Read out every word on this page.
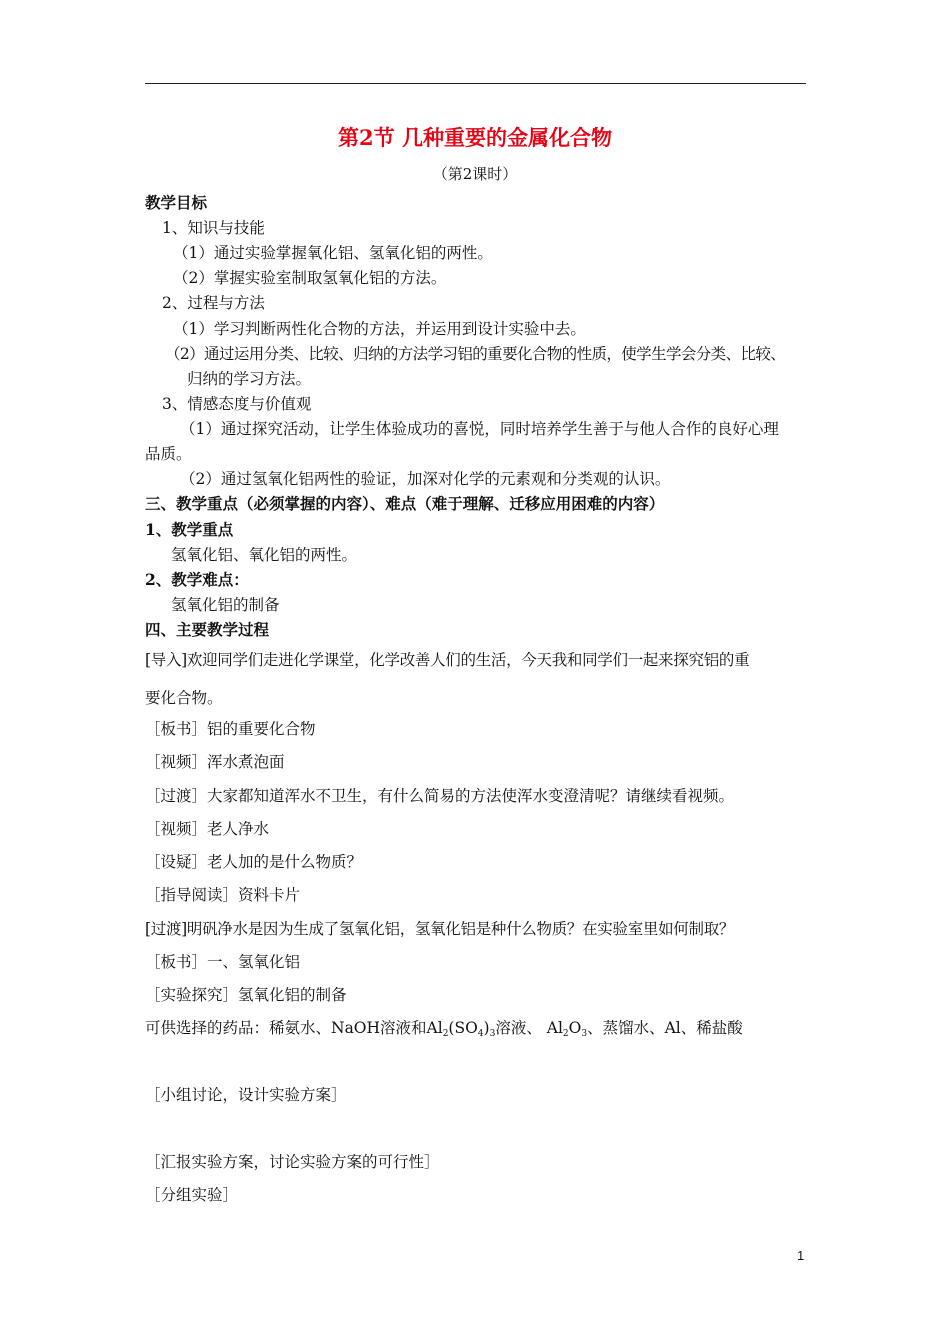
第2节 几种重要的金属化合物
（第2课时）
教学目标
1、知识与技能
（1）通过实验掌握氧化铝、氢氧化铝的两性。
（2）掌握实验室制取氢氧化铝的方法。
2、过程与方法
（1）学习判断两性化合物的方法，并运用到设计实验中去。
（2）通过运用分类、比较、归纳的方法学习铝的重要化合物的性质，使学生学会分类、比较、
归纳的学习方法。
3、情感态度与价值观
（1）通过探究活动，让学生体验成功的喜悦，同时培养学生善于与他人合作的良好心理
品质。
（2）通过氢氧化铝两性的验证，加深对化学的元素观和分类观的认识。
三、教学重点（必须掌握的内容）、难点（难于理解、迁移应用困难的内容）
1、教学重点
氢氧化铝、氧化铝的两性。
2、教学难点：
氢氧化铝的制备
四、主要教学过程
[导入]欢迎同学们走进化学课堂，化学改善人们的生活，今天我和同学们一起来探究铝的重
要化合物。
［板书］铝的重要化合物
［视频］浑水煮泡面
［过渡］大家都知道浑水不卫生，有什么简易的方法使浑水变澄清呢？请继续看视频。
［视频］老人净水
［设疑］老人加的是什么物质？
［指导阅读］资料卡片
[过渡]明矾净水是因为生成了氢氧化铝，氢氧化铝是种什么物质？在实验室里如何制取？
［板书］一、氢氧化铝
［实验探究］氢氧化铝的制备
可供选择的药品：稀氨水、NaOH溶液和$Al_2(SO_4)_3$溶液、 $Al_2O_3$、蒸馏水、Al、稀盐酸
［小组讨论，设计实验方案］
［汇报实验方案，讨论实验方案的可行性］
［分组实验］
1
